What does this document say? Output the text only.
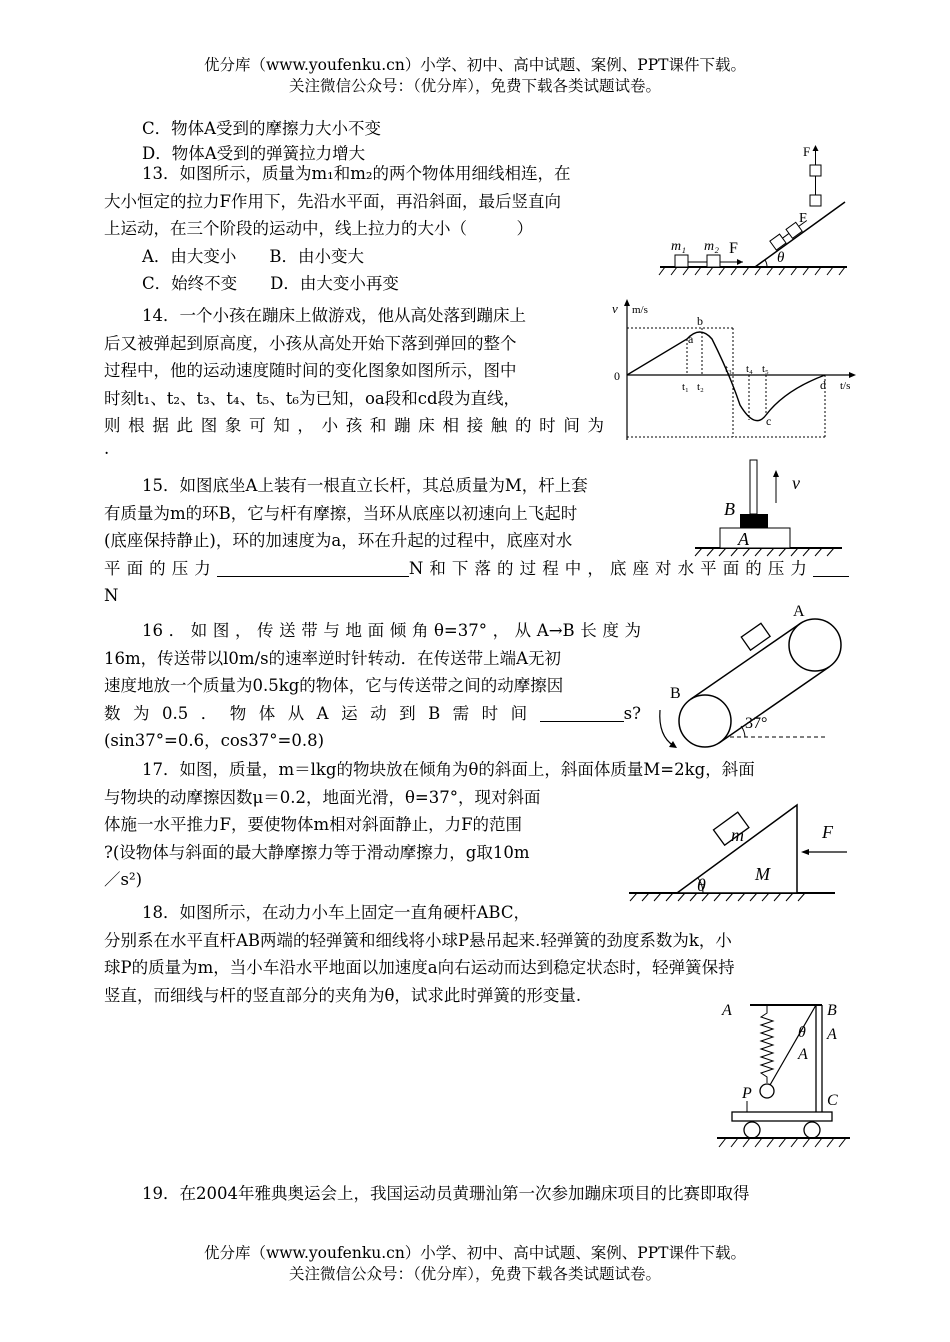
优分库（www.youfenku.cn）小学、初中、高中试题、案例、PPT课件下载。
关注微信公众号：（优分库），免费下载各类试题试卷。
C．物体A受到的摩擦力大小不变
D．物体A受到的弹簧拉力增大
13．如图所示，质量为m₁和m₂的两个物体用细线相连，在
大小恒定的拉力F作用下，先沿水平面，再沿斜面，最后竖直向
上运动，在三个阶段的运动中，线上拉力的大小（　　　）
A．由大变小　　B．由小变大
C．始终不变　　D．由大变小再变
m₁ m₂ F
F
θ
F
14．一个小孩在蹦床上做游戏，他从高处落到蹦床上
后又被弹起到原高度，小孩从高处开始下落到弹回的整个
过程中，他的运动速度随时间的变化图象如图所示，图中
时刻t₁、t₂、t₃、t₄、t₅、t₆为已知，oa段和cd段为直线，
则根据此图象可知，小孩和蹦床相接触的时间为
.
v m/s
0
t/s
a
b
c
d
t₁ t₂
t₃ t₄ t₅
15．如图底坐A上装有一根直立长杆，其总质量为M，杆上套
有质量为m的环B，它与杆有摩擦，当环从底座以初速向上飞起时
(底座保持静止)，环的加速度为a，环在升起的过程中，底座对水
平面的压力	N和下落的过程中，底座对水平面的压力
N
v
B
A
16．如图，传送带与地面倾角θ=37°，从A→B长度为
16m，传送带以l0m/s的速率逆时针转动．在传送带上端A无初
速度地放一个质量为0.5kg的物体，它与传送带之间的动摩擦因
数为0.5．物体从A运动到B需时间	s?
(sin37°=0.6，cos37°=0.8)
A
B
37°
17．如图，质量，m＝lkg的物块放在倾角为θ的斜面上，斜面体质量M=2kg，斜面
与物块的动摩擦因数μ＝0.2，地面光滑，θ=37°，现对斜面
体施一水平推力F，要使物体m相对斜面静止，力F的范围
?(设物体与斜面的最大静摩擦力等于滑动摩擦力，g取10m
／s²)
m
M
θ
F
18．如图所示，在动力小车上固定一直角硬杆ABC，
分别系在水平直杆AB两端的轻弹簧和细线将小球P悬吊起来.轻弹簧的劲度系数为k，小
球P的质量为m，当小车沿水平地面以加速度a向右运动而达到稳定状态时，轻弹簧保持
竖直，而细线与杆的竖直部分的夹角为θ，试求此时弹簧的形变量.
A	B
A
A
C
P
θ
19．在2004年雅典奥运会上，我国运动员黄珊汕第一次参加蹦床项目的比赛即取得
优分库（www.youfenku.cn）小学、初中、高中试题、案例、PPT课件下载。
关注微信公众号：（优分库），免费下载各类试题试卷。
